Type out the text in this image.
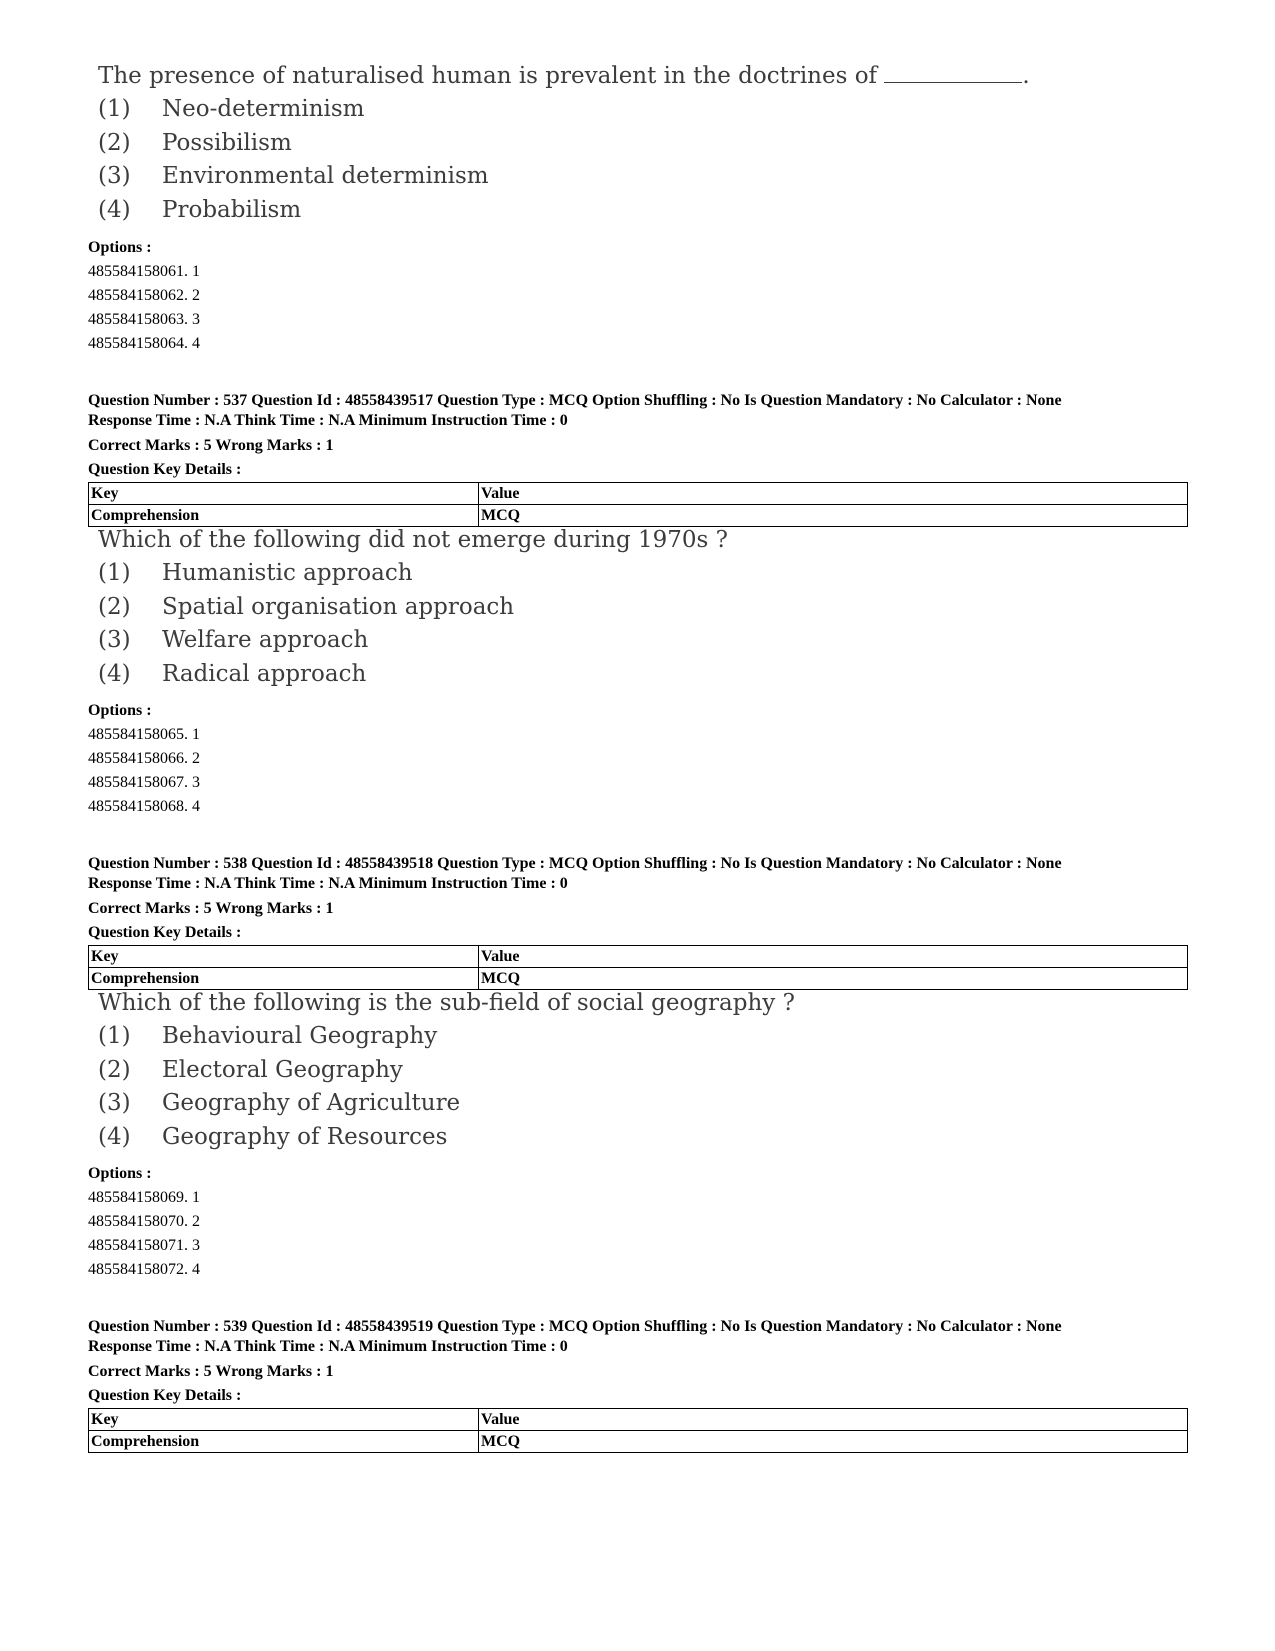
The presence of naturalised human is prevalent in the doctrines of	.
(1)	Neo-determinism
(2)	Possibilism
(3)	Environmental determinism
(4)	Probabilism
Options :
485584158061. 1
485584158062. 2
485584158063. 3
485584158064. 4
Question Number : 537 Question Id : 48558439517 Question Type : MCQ Option Shuffling : No Is Question Mandatory : No Calculator : None
Response Time : N.A Think Time : N.A Minimum Instruction Time : 0
Correct Marks : 5 Wrong Marks : 1
Question Key Details :
Key	Value
Comprehension	MCQ
Which of the following did not emerge during 1970s ?
(1)	Humanistic approach
(2)	Spatial organisation approach
(3)	Welfare approach
(4)	Radical approach
Options :
485584158065. 1
485584158066. 2
485584158067. 3
485584158068. 4
Question Number : 538 Question Id : 48558439518 Question Type : MCQ Option Shuffling : No Is Question Mandatory : No Calculator : None
Response Time : N.A Think Time : N.A Minimum Instruction Time : 0
Correct Marks : 5 Wrong Marks : 1
Question Key Details :
Key	Value
Comprehension	MCQ
Which of the following is the sub-field of social geography ?
(1)	Behavioural Geography
(2)	Electoral Geography
(3)	Geography of Agriculture
(4)	Geography of Resources
Options :
485584158069. 1
485584158070. 2
485584158071. 3
485584158072. 4
Question Number : 539 Question Id : 48558439519 Question Type : MCQ Option Shuffling : No Is Question Mandatory : No Calculator : None
Response Time : N.A Think Time : N.A Minimum Instruction Time : 0
Correct Marks : 5 Wrong Marks : 1
Question Key Details :
Key	Value
Comprehension	MCQ
